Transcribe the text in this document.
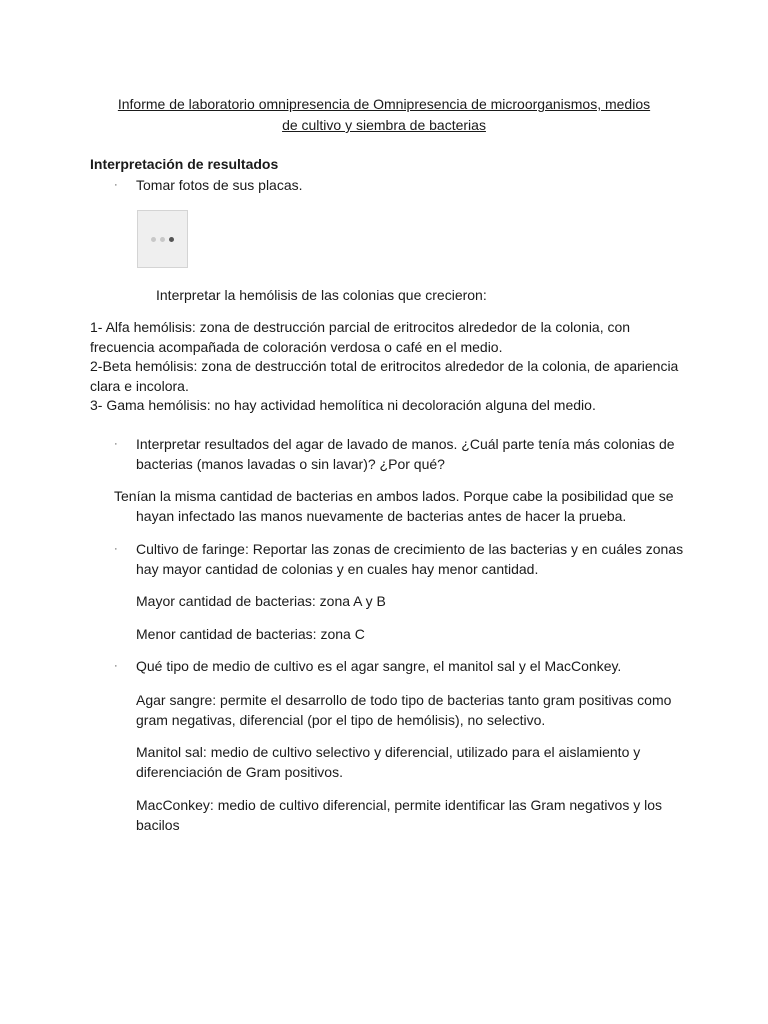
Informe de laboratorio omnipresencia de Omnipresencia de microorganismos, medios
de cultivo y siembra de bacterias
Interpretación de resultados
· Tomar fotos de sus placas.
Interpretar la hemólisis de las colonias que crecieron:
1- Alfa hemólisis: zona de destrucción parcial de eritrocitos alrededor de la colonia, con
frecuencia acompañada de coloración verdosa o café en el medio.
2-Beta hemólisis: zona de destrucción total de eritrocitos alrededor de la colonia, de apariencia
clara e incolora.
3- Gama hemólisis: no hay actividad hemolítica ni decoloración alguna del medio.
· Interpretar resultados del agar de lavado de manos. ¿Cuál parte tenía más colonias de
bacterias (manos lavadas o sin lavar)? ¿Por qué?
Tenían la misma cantidad de bacterias en ambos lados. Porque cabe la posibilidad que se
hayan infectado las manos nuevamente de bacterias antes de hacer la prueba.
· Cultivo de faringe: Reportar las zonas de crecimiento de las bacterias y en cuáles zonas
hay mayor cantidad de colonias y en cuales hay menor cantidad.
Mayor cantidad de bacterias: zona A y B
Menor cantidad de bacterias: zona C
· Qué tipo de medio de cultivo es el agar sangre, el manitol sal y el MacConkey.
Agar sangre: permite el desarrollo de todo tipo de bacterias tanto gram positivas como
gram negativas, diferencial (por el tipo de hemólisis), no selectivo.
Manitol sal: medio de cultivo selectivo y diferencial, utilizado para el aislamiento y
diferenciación de Gram positivos.
MacConkey: medio de cultivo diferencial, permite identificar las Gram negativos y los
bacilos
